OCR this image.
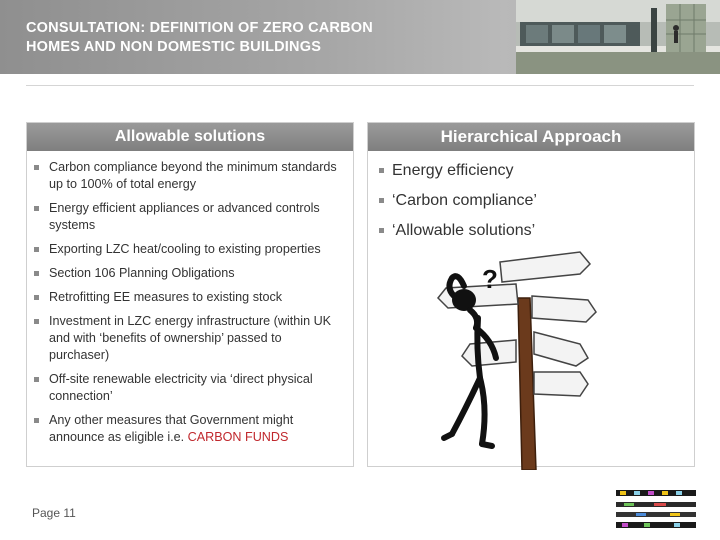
CONSULTATION: DEFINITION OF ZERO CARBON
HOMES AND NON DOMESTIC BUILDINGS
Allowable solutions
Carbon compliance beyond the minimum standards up to 100% of total energy
Energy efficient appliances or advanced controls systems
Exporting LZC heat/cooling to existing properties
Section 106 Planning Obligations
Retrofitting EE measures to existing stock
Investment in LZC energy infrastructure (within UK and with ‘benefits of ownership’ passed to purchaser)
Off-site renewable electricity via ‘direct physical connection’
Any other measures that Government might announce as eligible i.e. CARBON FUNDS
Hierarchical Approach
Energy efficiency
‘Carbon compliance’
‘Allowable solutions’
?
Page 11
